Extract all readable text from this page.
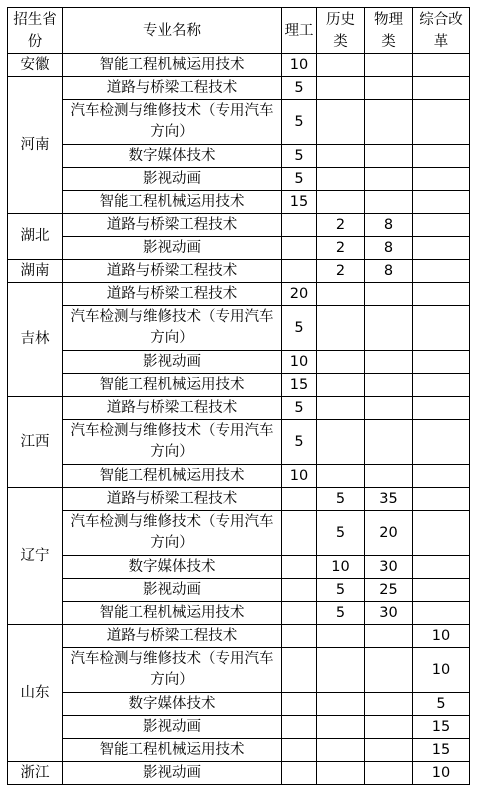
招生省份	专业名称	理工	历史类	物理类	综合改革
安徽	智能工程机械运用技术	10			
河南	道路与桥梁工程技术	5			
	汽车检测与维修技术（专用汽车方向）	5			
	数字媒体技术	5			
	影视动画	5			
	智能工程机械运用技术	15			
湖北	道路与桥梁工程技术		2	8	
	影视动画		2	8	
湖南	道路与桥梁工程技术		2	8	
吉林	道路与桥梁工程技术	20			
	汽车检测与维修技术（专用汽车方向）	5			
	影视动画	10			
	智能工程机械运用技术	15			
江西	道路与桥梁工程技术	5			
	汽车检测与维修技术（专用汽车方向）	5			
	智能工程机械运用技术	10			
辽宁	道路与桥梁工程技术		5	35	
	汽车检测与维修技术（专用汽车方向）		5	20	
	数字媒体技术		10	30	
	影视动画		5	25	
	智能工程机械运用技术		5	30	
山东	道路与桥梁工程技术				10
	汽车检测与维修技术（专用汽车方向）				10
	数字媒体技术				5
	影视动画				15
	智能工程机械运用技术				15
浙江	影视动画				10
